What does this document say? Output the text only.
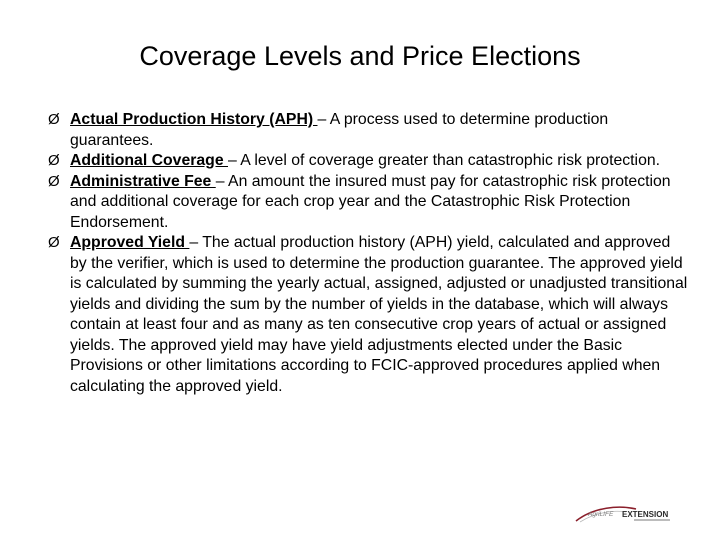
Coverage Levels and Price Elections
Ø Actual Production History (APH) – A process used to determine production guarantees.
Ø Additional Coverage – A level of coverage greater than catastrophic risk protection.
Ø Administrative Fee – An amount the insured must pay for catastrophic risk protection and additional coverage for each crop year and the Catastrophic Risk Protection Endorsement.
Ø Approved Yield – The actual production history (APH) yield, calculated and approved by the verifier, which is used to determine the production guarantee. The approved yield is calculated by summing the yearly actual, assigned, adjusted or unadjusted transitional yields and dividing the sum by the number of yields in the database, which will always contain at least four and as many as ten consecutive crop years of actual or assigned yields. The approved yield may have yield adjustments elected under the Basic Provisions or other limitations according to FCIC-approved procedures applied when calculating the approved yield.
AgriLIFE EXTENSION
